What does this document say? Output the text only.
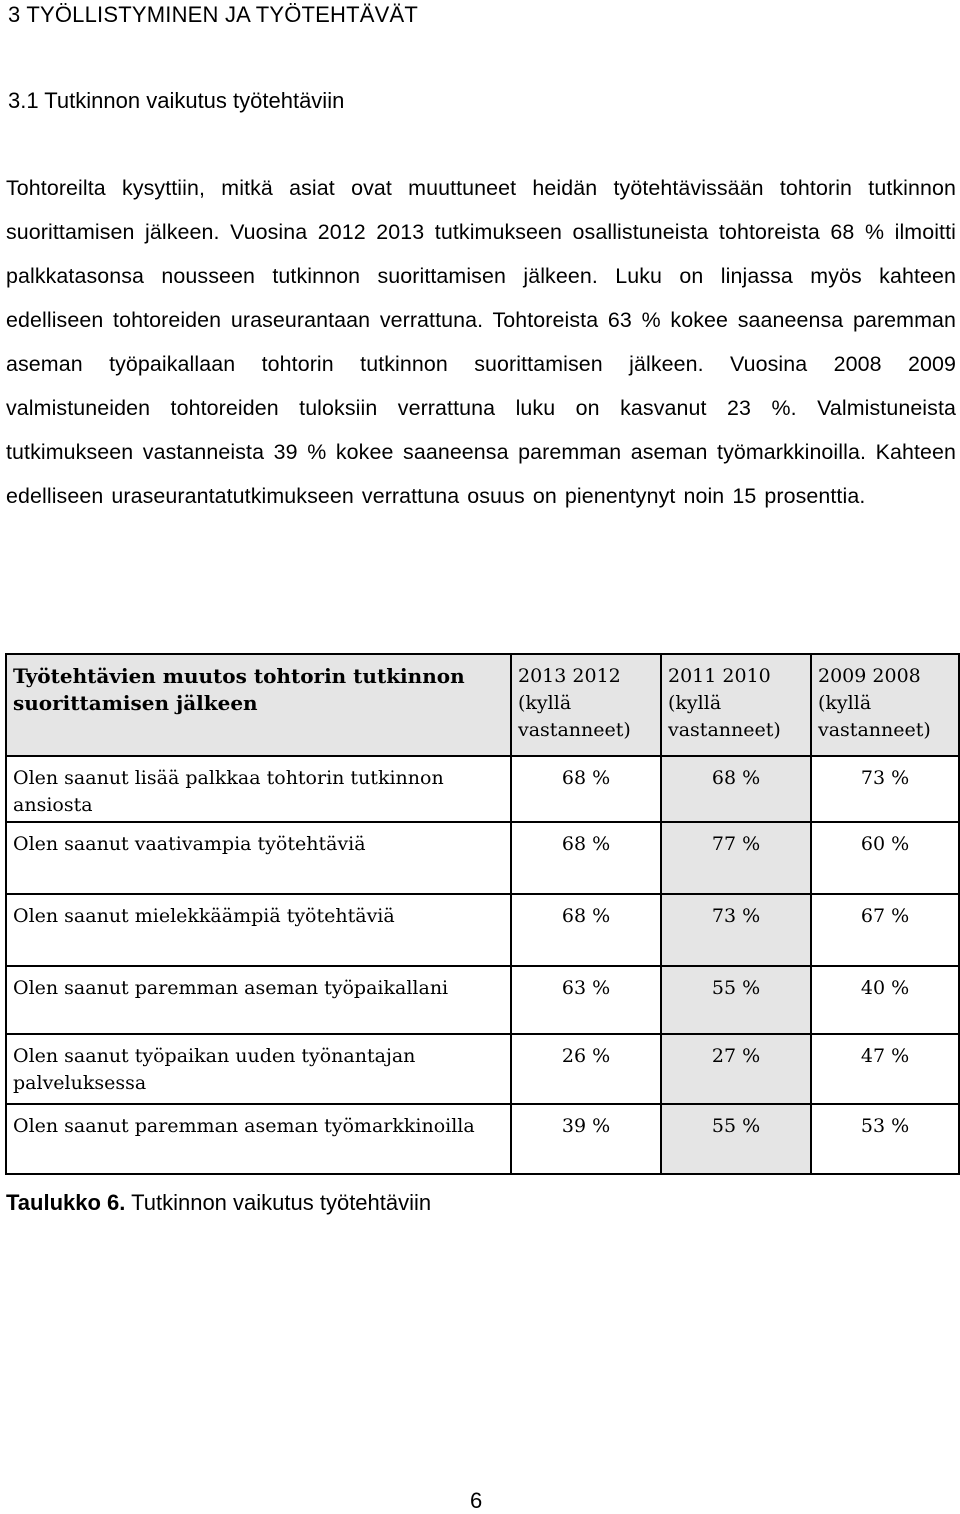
3 TYÖLLISTYMINEN JA TYÖTEHTÄVÄT
3.1 Tutkinnon vaikutus työtehtäviin

Tohtoreilta kysyttiin, mitkä asiat ovat muuttuneet heidän työtehtävissään tohtorin tutkinnon suorittamisen jälkeen. Vuosina 2012 2013 tutkimukseen osallistuneista tohtoreista 68 % ilmoitti palkkatasonsa nousseen tutkinnon suorittamisen jälkeen. Luku on linjassa myös kahteen edelliseen tohtoreiden uraseurantaan verrattuna. Tohtoreista 63 % kokee saaneensa paremman aseman työpaikallaan tohtorin tutkinnon suorittamisen jälkeen. Vuosina 2008 2009 valmistuneiden tohtoreiden tuloksiin verrattuna luku on kasvanut 23 %. Valmistuneista tutkimukseen vastanneista 39 % kokee saaneensa paremman aseman työmarkkinoilla. Kahteen edelliseen uraseurantatutkimukseen verrattuna osuus on pienentynyt noin 15 prosenttia.

Työtehtävien muutos tohtorin tutkinnon suorittamisen jälkeen	2013 2012 (kyllä vastanneet)	2011 2010 (kyllä vastanneet)	2009 2008 (kyllä vastanneet)
Olen saanut lisää palkkaa tohtorin tutkinnon ansiosta	68 %	68 %	73 %
Olen saanut vaativampia työtehtäviä	68 %	77 %	60 %
Olen saanut mielekkäämpiä työtehtäviä	68 %	73 %	67 %
Olen saanut paremman aseman työpaikallani	63 %	55 %	40 %
Olen saanut työpaikan uuden työnantajan palveluksessa	26 %	27 %	47 %
Olen saanut paremman aseman työmarkkinoilla	39 %	55 %	53 %

Taulukko 6. Tutkinnon vaikutus työtehtäviin

6
